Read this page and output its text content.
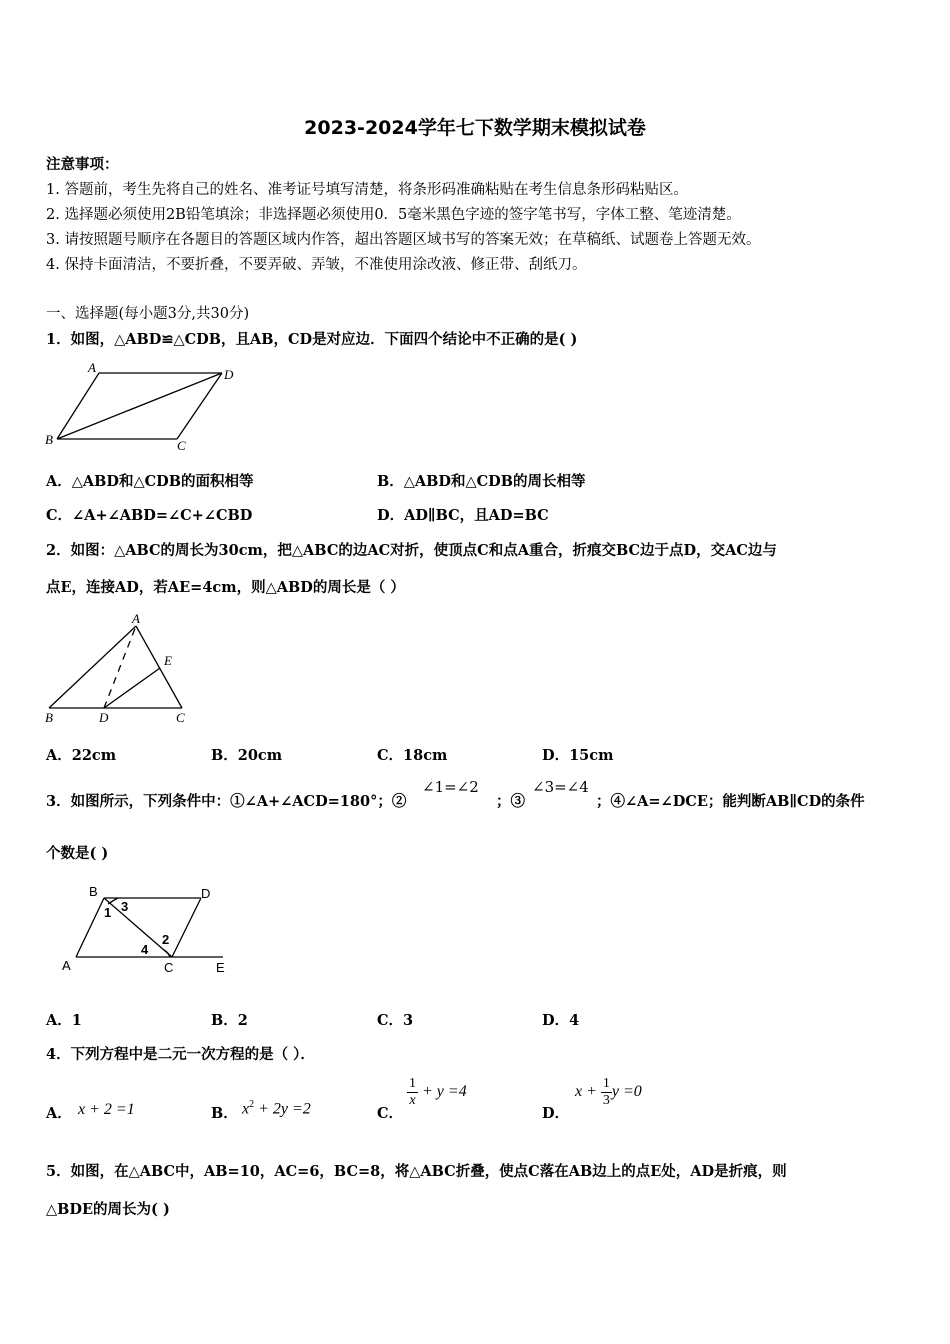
2023-2024学年七下数学期末模拟试卷
注意事项：
1. 答题前，考生先将自己的姓名、准考证号填写清楚，将条形码准确粘贴在考生信息条形码粘贴区。
2. 选择题必须使用2B铅笔填涂；非选择题必须使用0．5毫米黑色字迹的签字笔书写，字体工整、笔迹清楚。
3. 请按照题号顺序在各题目的答题区域内作答，超出答题区域书写的答案无效；在草稿纸、试题卷上答题无效。
4. 保持卡面清洁，不要折叠，不要弄破、弄皱，不准使用涂改液、修正带、刮纸刀。
一、选择题(每小题3分,共30分)
1．如图，△ABD≌△CDB，且AB，CD是对应边．下面四个结论中不正确的是( )
A	D
B	C
A．△ABD和△CDB的面积相等	B．△ABD和△CDB的周长相等
C．∠A+∠ABD=∠C+∠CBD	D．AD∥BC，且AD=BC
2．如图：△ABC的周长为30cm，把△ABC的边AC对折，使顶点C和点A重合，折痕交BC边于点D，交AC边与
点E，连接AD，若AE=4cm，则△ABD的周长是（ ）
A
E
B	D	C
A．22cm	B．20cm	C．18cm	D．15cm
3．如图所示，下列条件中：①∠A+∠ACD=180°；②
∠1=∠2
；③
∠3=∠4
；④∠A=∠DCE；能判断AB∥CD的条件
个数是( )
B	D
1 3
4
2
A	C	E
A．1	B．2	C．3	D．4
4．下列方程中是二元一次方程的是（ ）．
A． x + 2 =1	B． $x^2 + 2y =2$	C．
$\frac{1}{x} + y =4$
D．
$x + \frac{1}{3}$ y =0
5．如图，在△ABC中，AB=10，AC=6，BC=8，将△ABC折叠，使点C落在AB边上的点E处，AD是折痕，则
△BDE的周长为( )
